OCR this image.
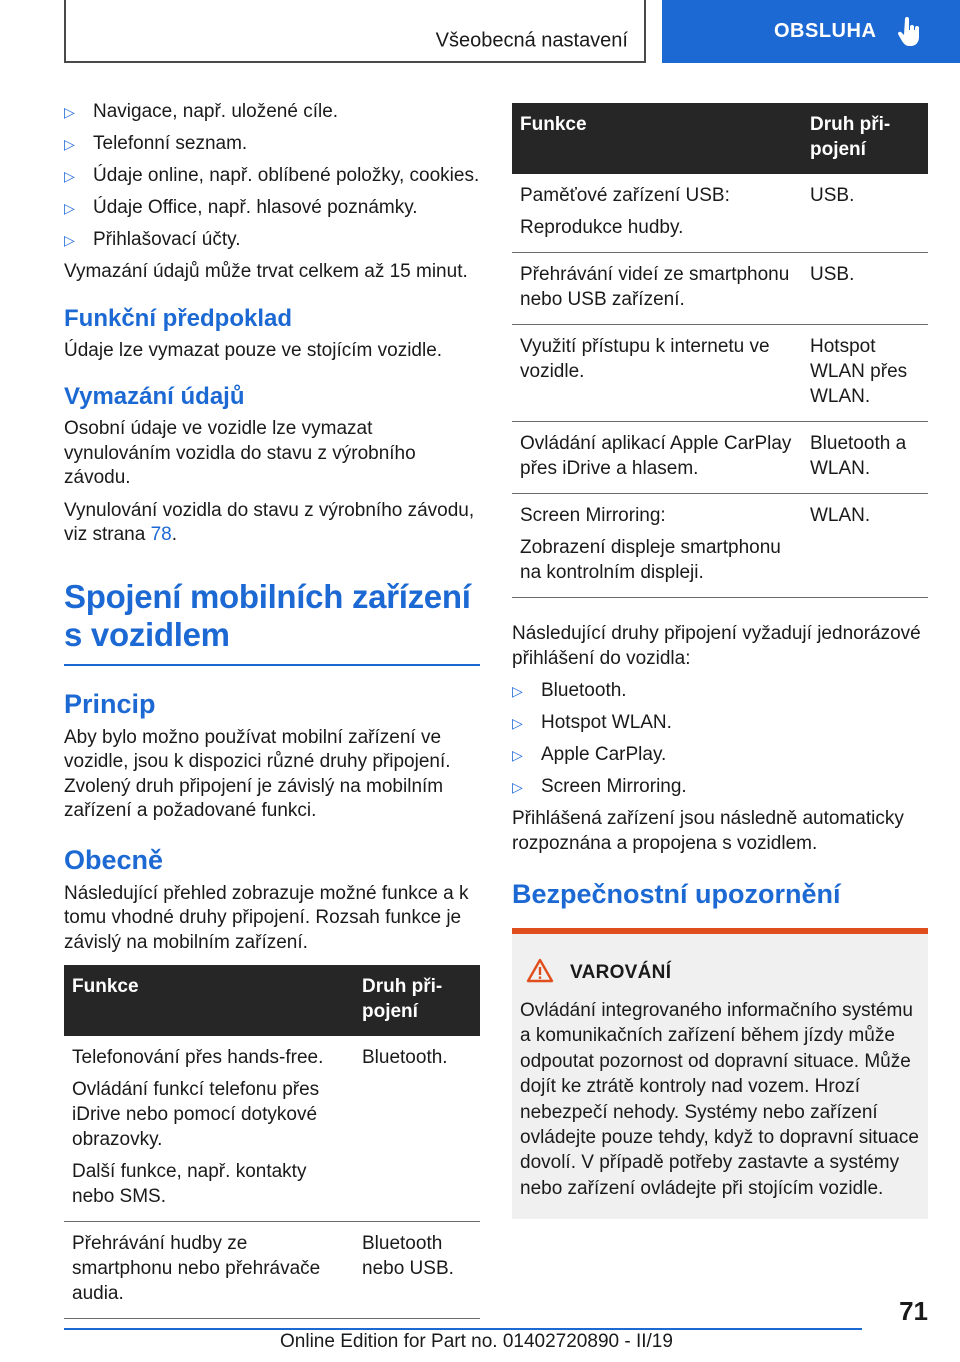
Všeobecná nastavení	OBSLUHA
▷ Navigace, např. uložené cíle.
▷ Telefonní seznam.
▷ Údaje online, např. oblíbené položky, cookies.
▷ Údaje Office, např. hlasové poznámky.
▷ Přihlašovací účty.

Vymazání údajů může trvat celkem až 15 minut.

Funkční předpoklad

Údaje lze vymazat pouze ve stojícím vozidle.

Vymazání údajů

Osobní údaje ve vozidle lze vymazat vynulováním vozidla do stavu z výrobního závodu.

Vynulování vozidla do stavu z výrobního závodu, viz strana 78.

Spojení mobilních zařízení s vozidlem
Princip

Aby bylo možno používat mobilní zařízení ve vozidle, jsou k dispozici různé druhy připojení. Zvolený druh připojení je závislý na mobilním zařízení a požadované funkci.

Obecně

Následující přehled zobrazuje možné funkce a k tomu vhodné druhy připojení. Rozsah funkce je závislý na mobilním zařízení.

Funkce	Druh připojení

Telefonování přes hands-free.
Ovládání funkcí telefonu přes iDrive nebo pomocí dotykové obrazovky.
Další funkce, např. kontakty nebo SMS.	Bluetooth.

Přehrávání hudby ze smartphonu nebo přehrávače audia.	Bluetooth nebo USB.
Funkce	Druh připojení

Paměťové zařízení USB:
Reprodukce hudby.	USB.

Přehrávání videí ze smartphonu nebo USB zařízení.	USB.

Využití přístupu k internetu ve vozidle.	Hotspot WLAN přes WLAN.

Ovládání aplikací Apple CarPlay přes iDrive a hlasem.	Bluetooth a WLAN.

Screen Mirroring:
Zobrazení displeje smartphonu na kontrolním displeji.	WLAN.

Následující druhy připojení vyžadují jednorázové přihlášení do vozidla:

▷ Bluetooth.
▷ Hotspot WLAN.
▷ Apple CarPlay.
▷ Screen Mirroring.

Přihlášená zařízení jsou následně automaticky rozpoznána a propojena s vozidlem.

Bezpečnostní upozornění
VAROVÁNÍ

Ovládání integrovaného informačního systému a komunikačních zařízení během jízdy může odpoutat pozornost od dopravní situace. Může dojít ke ztrátě kontroly nad vozem. Hrozí nebezpečí nehody. Systémy nebo zařízení ovládejte pouze tehdy, když to dopravní situace dovolí. V případě potřeby zastavte a systémy nebo zařízení ovládejte při stojícím vozidle.

71
Online Edition for Part no. 01402720890 - II/19
